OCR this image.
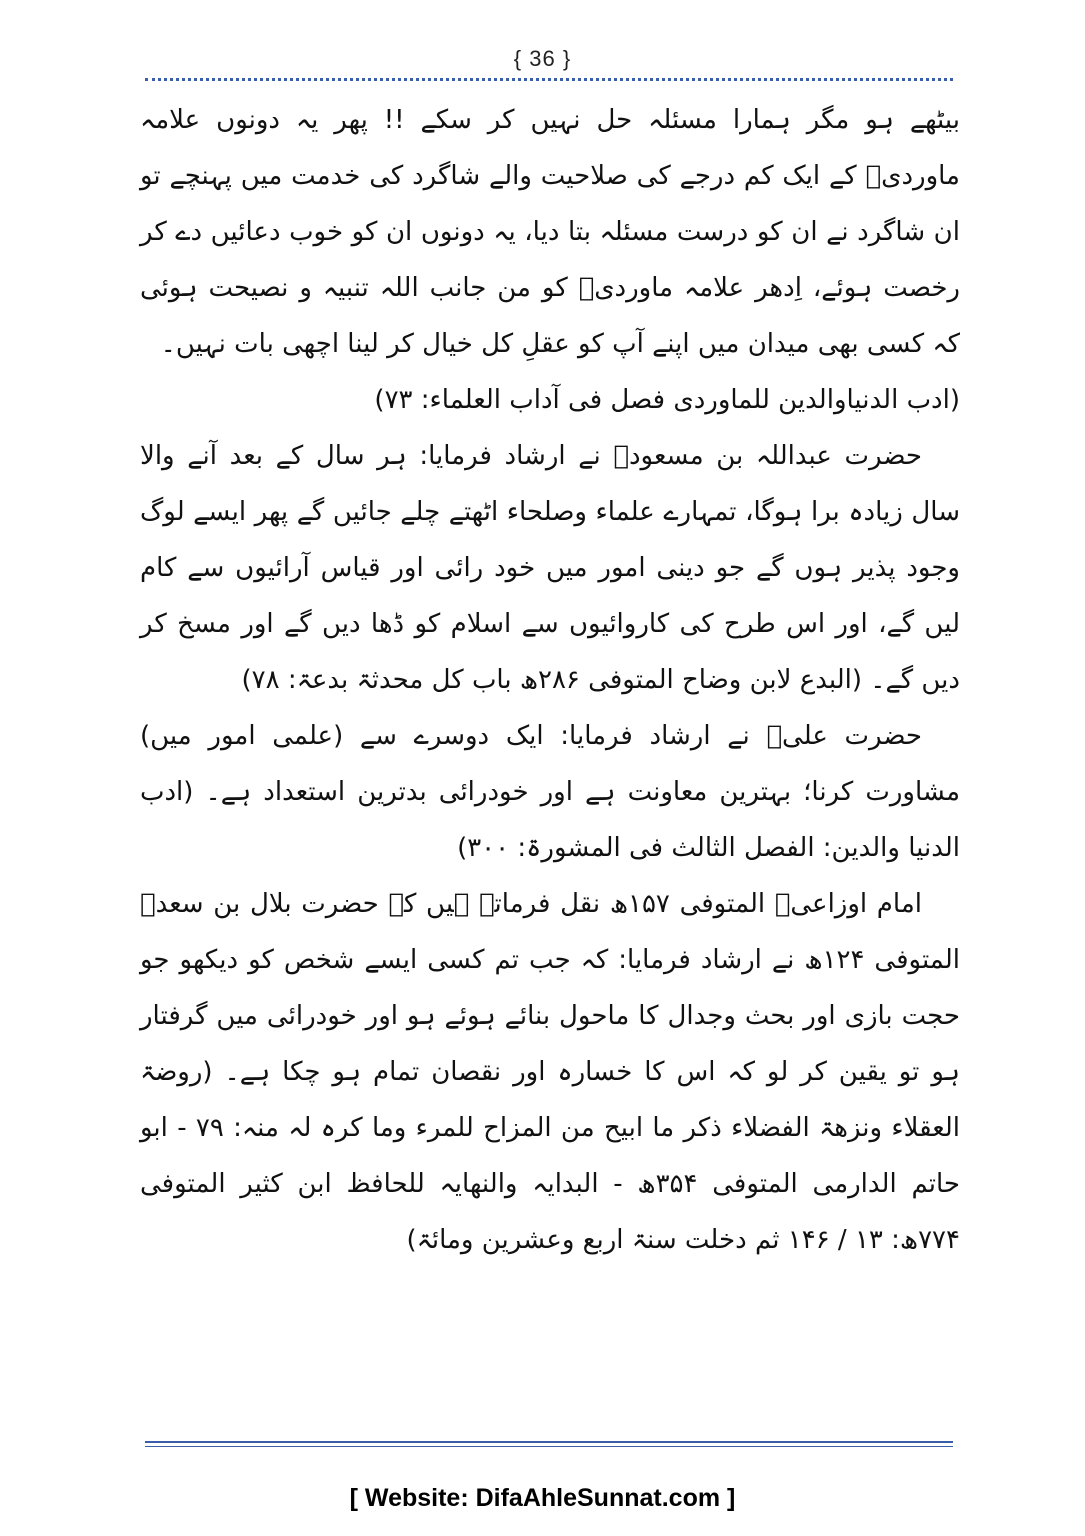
{ 36 }

بیٹھے ہو مگر ہمارا مسئلہ حل نہیں کر سکے !! پھر یہ دونوں علامہ ماوردیؒ کے ایک کم درجے کی صلاحیت والے شاگرد کی خدمت میں پہنچے تو ان شاگرد نے ان کو درست مسئلہ بتا دیا، یہ دونوں ان کو خوب دعائیں دے کر رخصت ہوئے، اِدھر علامہ ماوردیؒ کو من جانب اللہ تنبیہ و نصیحت ہوئی کہ کسی بھی میدان میں اپنے آپ کو عقلِ کل خیال کر لینا اچھی بات نہیں۔
(ادب الدنیاوالدین للماوردی فصل فی آداب العلماء: ۷۳)

حضرت عبداللہ بن مسعودؓ نے ارشاد فرمایا: ہر سال کے بعد آنے والا سال زیادہ برا ہوگا، تمہارے علماء وصلحاء اٹھتے چلے جائیں گے پھر ایسے لوگ وجود پذیر ہوں گے جو دینی امور میں خود رائی اور قیاس آرائیوں سے کام لیں گے، اور اس طرح کی کاروائیوں سے اسلام کو ڈھا دیں گے اور مسخ کر دیں گے۔ (البدع لابن وضاح المتوفی ۲۸۶ھ باب کل محدثۃ بدعۃ: ۷۸)

حضرت علیؓ نے ارشاد فرمایا: ایک دوسرے سے (علمی امور میں) مشاورت کرنا؛ بہترین معاونت ہے اور خودرائی بدترین استعداد ہے۔ (ادب الدنیا والدین: الفصل الثالث فی المشورۃ: ۳۰۰)

امام اوزاعیؒ المتوفی ۱۵۷ھ نقل فرماتے ہیں کہ حضرت بلال بن سعدؒ المتوفی ۱۲۴ھ نے ارشاد فرمایا: کہ جب تم کسی ایسے شخص کو دیکھو جو حجت بازی اور بحث وجدال کا ماحول بنائے ہوئے ہو اور خودرائی میں گرفتار ہو تو یقین کر لو کہ اس کا خسارہ اور نقصان تمام ہو چکا ہے۔ (روضۃ العقلاء ونزھۃ الفضلاء ذکر ما ابیح من المزاح للمرء وما کرہ لہ منہ: ۷۹ - ابو حاتم الدارمی المتوفی ۳۵۴ھ - البدایہ والنھایہ للحافظ ابن کثیر المتوفی ۷۷۴ھ: ۱۳ / ۱۴۶ ثم دخلت سنۃ اربع وعشرین ومائۃ)

[ Website: DifaAhleSunnat.com ]
